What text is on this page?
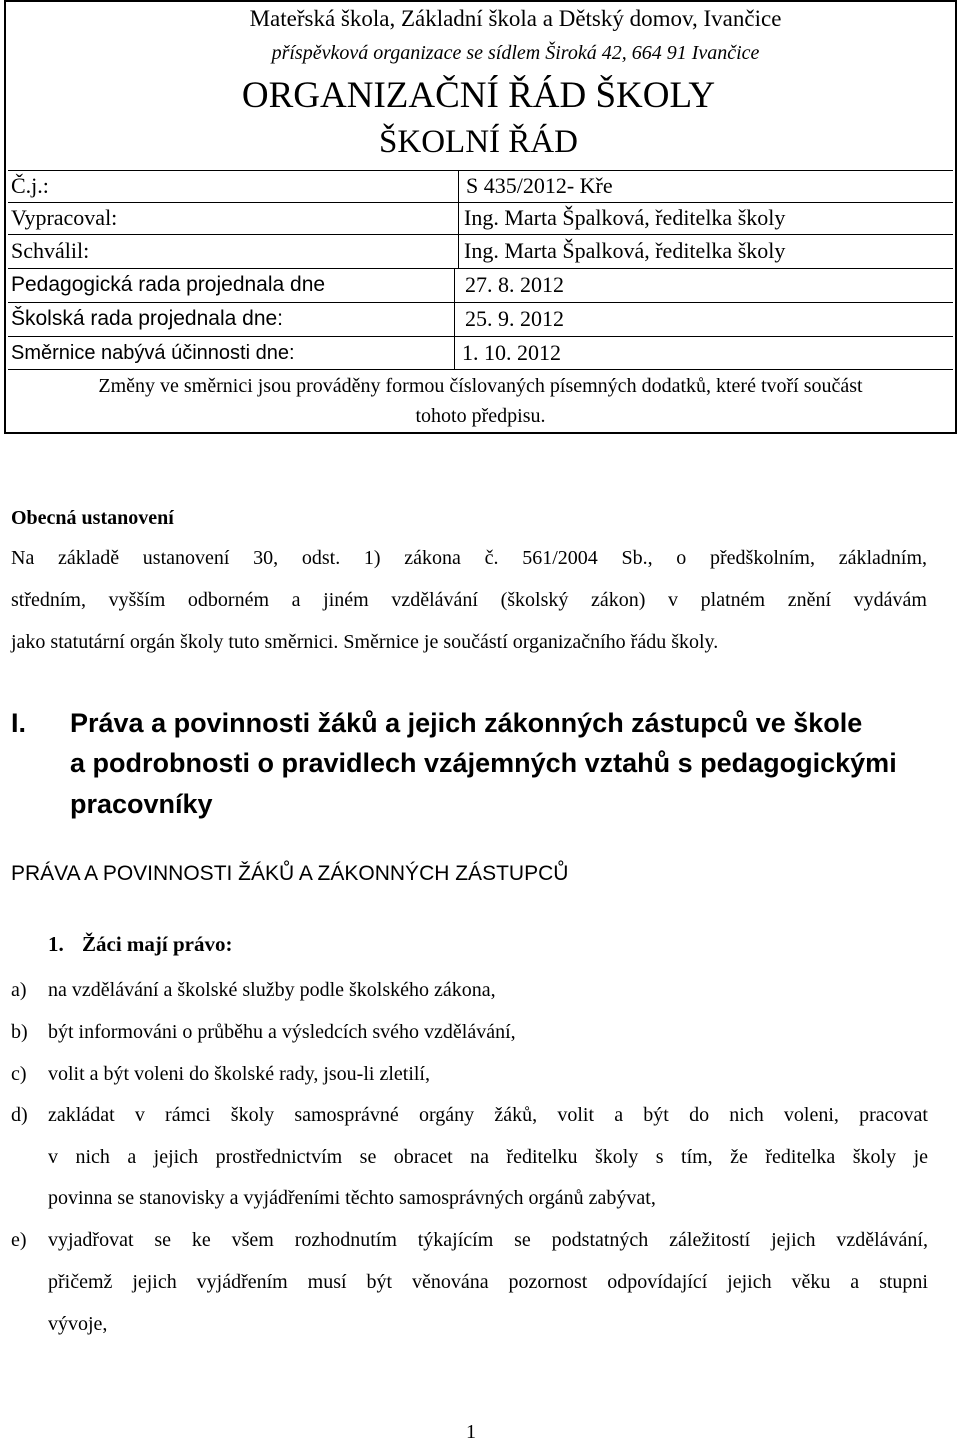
Mateřská škola, Základní škola a Dětský domov, Ivančice
příspěvková organizace se sídlem Široká 42, 664 91 Ivančice
ORGANIZAČNÍ ŘÁD ŠKOLY
ŠKOLNÍ ŘÁD
Č.j.:	S 435/2012- Kře
Vypracoval:	Ing. Marta Špalková, ředitelka školy
Schválil:	Ing. Marta Špalková, ředitelka školy
Pedagogická rada projednala dne	27. 8. 2012
Školská rada projednala dne:	25. 9. 2012
Směrnice nabývá účinnosti dne:	1. 10. 2012
Změny ve směrnici jsou prováděny formou číslovaných písemných dodatků, které tvoří součást
tohoto předpisu.
Obecná ustanovení
Na základě ustanovení 30, odst. 1) zákona č. 561/2004 Sb., o předškolním, základním,
středním, vyšším odborném a jiném vzdělávání (školský zákon) v platném znění vydávám
jako statutární orgán školy tuto směrnici. Směrnice je součástí organizačního řádu školy.
I. Práva a povinnosti žáků a jejich zákonných zástupců ve škole
a podrobnosti o pravidlech vzájemných vztahů s pedagogickými
pracovníky
PRÁVA A POVINNOSTI ŽÁKŮ A ZÁKONNÝCH ZÁSTUPCŮ
1. Žáci mají právo:
a) na vzdělávání a školské služby podle školského zákona,
b) být informováni o průběhu a výsledcích svého vzdělávání,
c) volit a být voleni do školské rady, jsou-li zletilí,
d) zakládat v rámci školy samosprávné orgány žáků, volit a být do nich voleni, pracovat
v nich a jejich prostřednictvím se obracet na ředitelku školy s tím, že ředitelka školy je
povinna se stanovisky a vyjádřeními těchto samosprávných orgánů zabývat,
e) vyjadřovat se ke všem rozhodnutím týkajícím se podstatných záležitostí jejich vzdělávání,
přičemž jejich vyjádřením musí být věnována pozornost odpovídající jejich věku a stupni
vývoje,
1
